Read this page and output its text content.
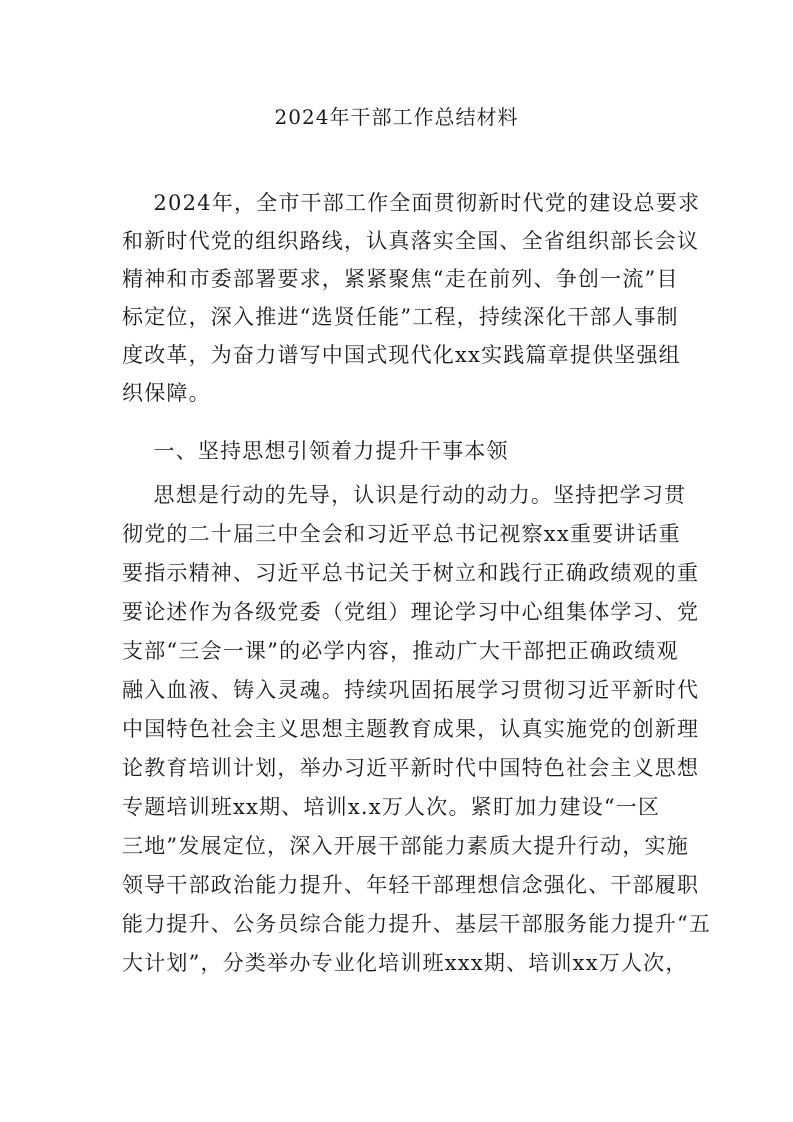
2024年干部工作总结材料

2024年，全市干部工作全面贯彻新时代党的建设总要求

和新时代党的组织路线，认真落实全国、全省组织部长会议

精神和市委部署要求，紧紧聚焦“走在前列、争创一流”目

标定位，深入推进“选贤任能”工程，持续深化干部人事制

度改革，为奋力谱写中国式现代化xx实践篇章提供坚强组

织保障。

一、坚持思想引领着力提升干事本领

思想是行动的先导，认识是行动的动力。坚持把学习贯

彻党的二十届三中全会和习近平总书记视察xx重要讲话重

要指示精神、习近平总书记关于树立和践行正确政绩观的重

要论述作为各级党委（党组）理论学习中心组集体学习、党

支部“三会一课”的必学内容，推动广大干部把正确政绩观

融入血液、铸入灵魂。持续巩固拓展学习贯彻习近平新时代

中国特色社会主义思想主题教育成果，认真实施党的创新理

论教育培训计划，举办习近平新时代中国特色社会主义思想

专题培训班xx期、培训x.x万人次。紧盯加力建设“一区

三地”发展定位，深入开展干部能力素质大提升行动，实施

领导干部政治能力提升、年轻干部理想信念强化、干部履职

能力提升、公务员综合能力提升、基层干部服务能力提升“五

大计划”，分类举办专业化培训班xxx期、培训xx万人次，
